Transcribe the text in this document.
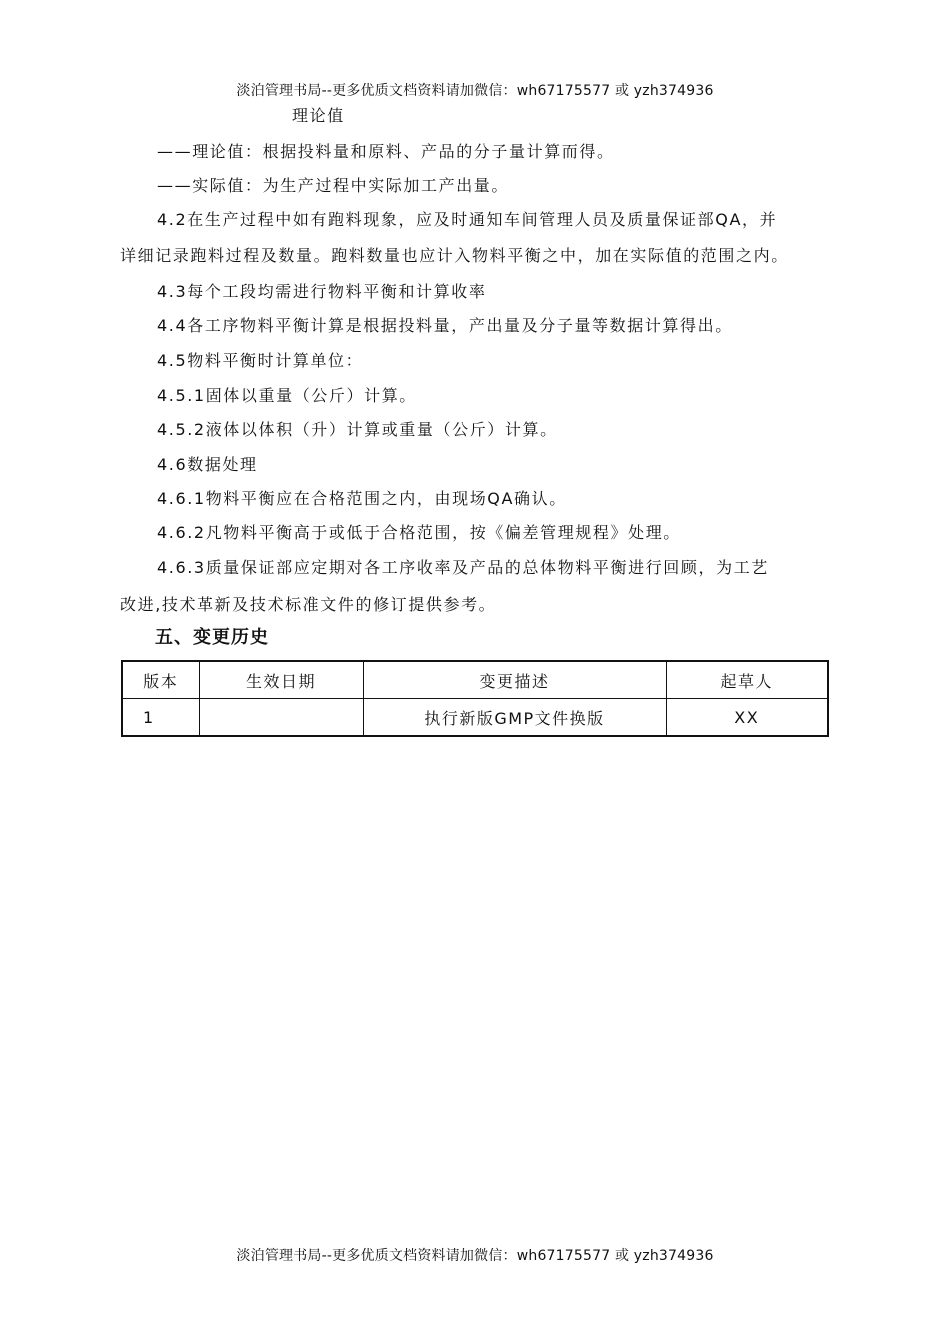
淡泊管理书局--更多优质文档资料请加微信：wh67175577 或 yzh374936
理论值
——理论值：根据投料量和原料、产品的分子量计算而得。
——实际值：为生产过程中实际加工产出量。
4.2在生产过程中如有跑料现象，应及时通知车间管理人员及质量保证部QA，并
详细记录跑料过程及数量。跑料数量也应计入物料平衡之中，加在实际值的范围之内。
4.3每个工段均需进行物料平衡和计算收率
4.4各工序物料平衡计算是根据投料量，产出量及分子量等数据计算得出。
4.5物料平衡时计算单位：
4.5.1固体以重量（公斤）计算。
4.5.2液体以体积（升）计算或重量（公斤）计算。
4.6数据处理
4.6.1物料平衡应在合格范围之内，由现场QA确认。
4.6.2凡物料平衡高于或低于合格范围，按《偏差管理规程》处理。
4.6.3质量保证部应定期对各工序收率及产品的总体物料平衡进行回顾，为工艺
改进,技术革新及技术标准文件的修订提供参考。
五、变更历史
版本	生效日期	变更描述	起草人
1		执行新版GMP文件换版	XX
淡泊管理书局--更多优质文档资料请加微信：wh67175577 或 yzh374936
